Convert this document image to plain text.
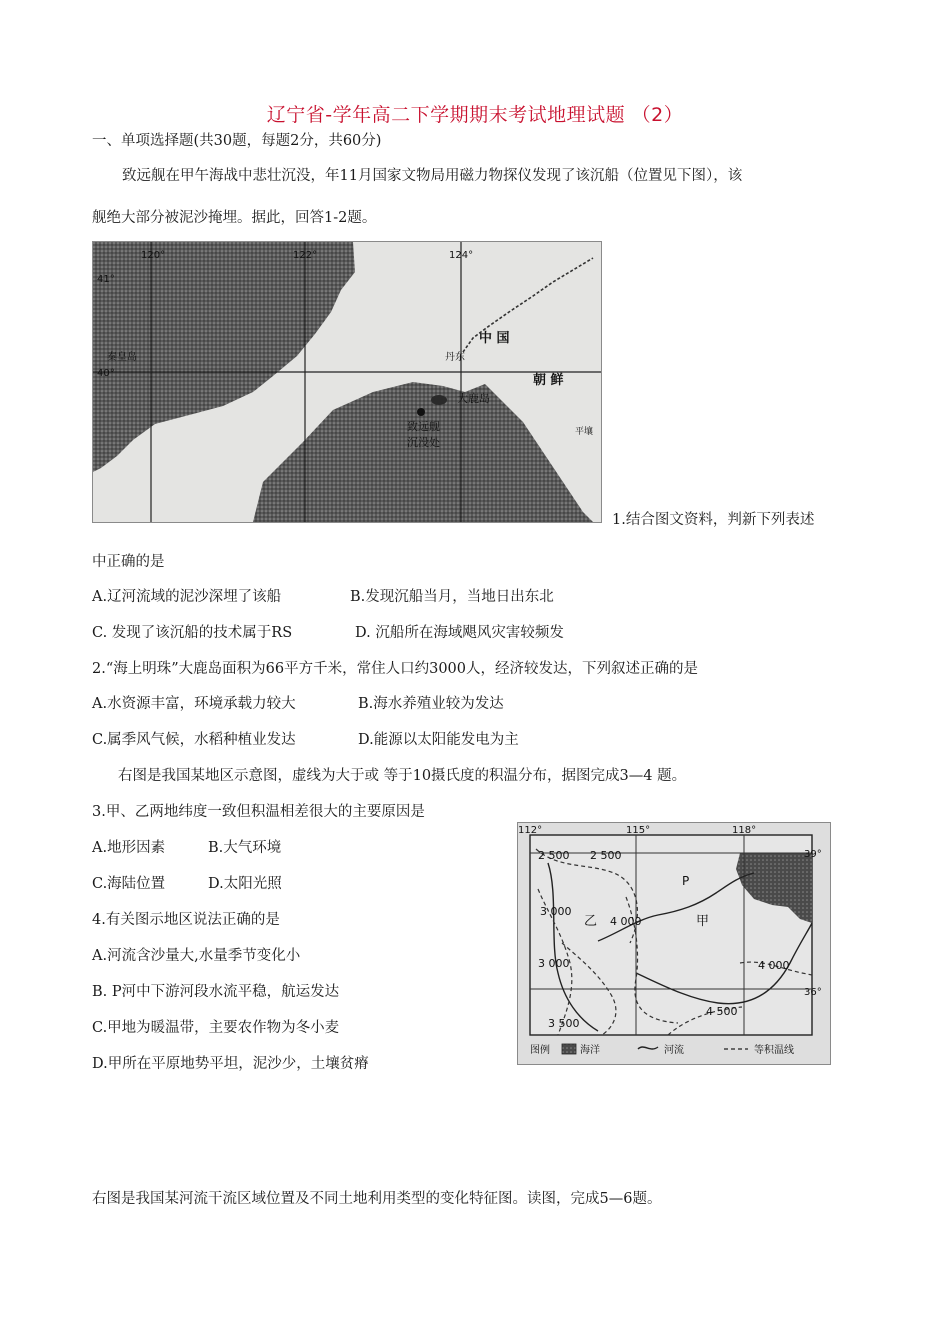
辽宁省-学年高二下学期期末考试地理试题 （2）
一、单项选择题(共30题，每题2分，共60分)
致远舰在甲午海战中悲壮沉没，年11月国家文物局用磁力物探仪发现了该沉船（位置见下图），该
舰绝大部分被泥沙掩埋。据此，回答1-2题。
120°	122°	124°
41°
40°
秦皇岛
中 国
丹东
朝 鲜
大鹿岛
致远舰
沉没处
平壤
1.结合图文资料，判新下列表述
中正确的是
A.辽河流域的泥沙深埋了该船	B.发现沉船当月，当地日出东北
C. 发现了该沉船的技术属于RS	D. 沉船所在海域飓风灾害较频发
2.“海上明珠”大鹿岛面积为66平方千米，常住人口约3000人，经济较发达，下列叙述正确的是
A.水资源丰富，环境承载力较大	B.海水养殖业较为发达
C.属季风气候，水稻种植业发达	D.能源以太阳能发电为主
右图是我国某地区示意图，虚线为大于或 等于10摄氏度的积温分布，据图完成3—4 题。
3.甲、乙两地纬度一致但积温相差很大的主要原因是
A.地形因素	B.大气环境
C.海陆位置	D.太阳光照
4.有关图示地区说法正确的是
A.河流含沙量大,水量季节变化小
B. P河中下游河段水流平稳，航运发达
C.甲地为暖温带，主要农作物为冬小麦
D.甲所在平原地势平坦，泥沙少，土壤贫瘠
2 500 2 500
3 000
4 000
3 000	4 000
4 500
3 500
P
乙	甲
112°	115°	118°
39°
36°
图例	海洋	河流	等积温线
右图是我国某河流干流区域位置及不同土地利用类型的变化特征图。读图，完成5—6题。
